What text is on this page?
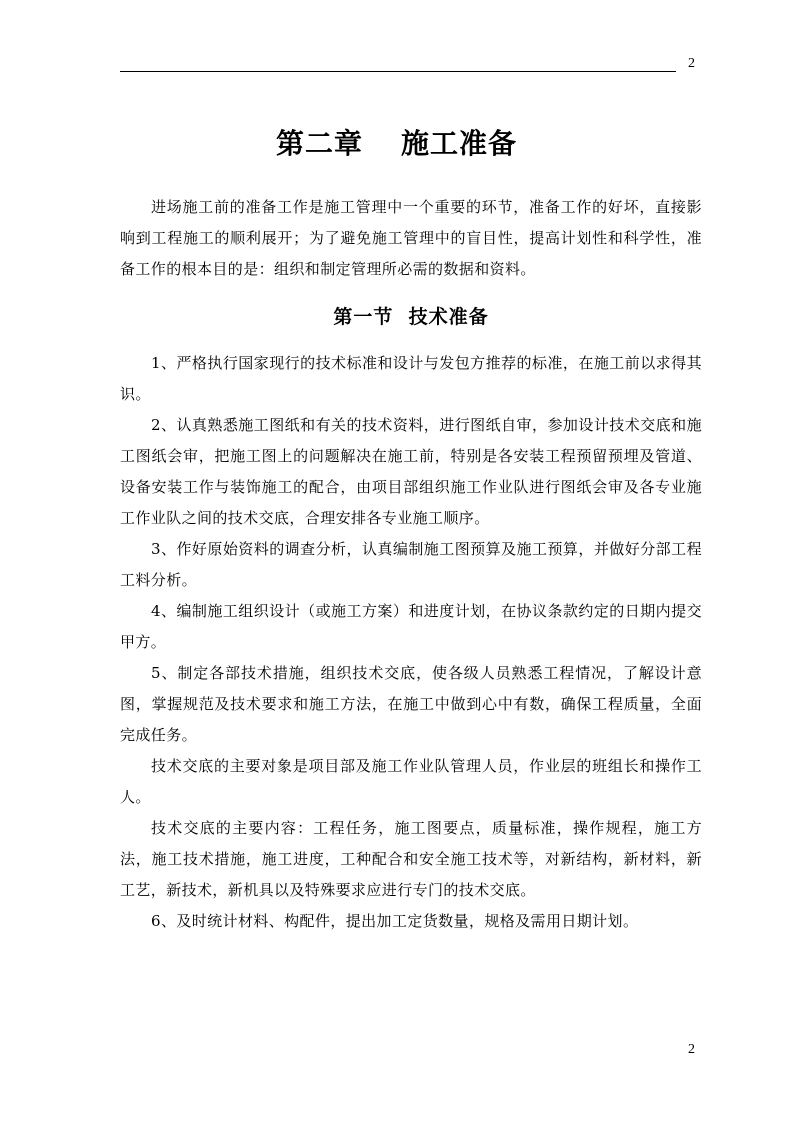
2
第二章 施工准备

进场施工前的准备工作是施工管理中一个重要的环节，准备工作的好坏，直接影响到工程施工的顺利展开；为了避免施工管理中的盲目性，提高计划性和科学性，准备工作的根本目的是：组织和制定管理所必需的数据和资料。

第一节  技术准备

1、严格执行国家现行的技术标准和设计与发包方推荐的标准，在施工前以求得其识。

2、认真熟悉施工图纸和有关的技术资料，进行图纸自审，参加设计技术交底和施工图纸会审，把施工图上的问题解决在施工前，特别是各安装工程预留预埋及管道、设备安装工作与装饰施工的配合，由项目部组织施工作业队进行图纸会审及各专业施工作业队之间的技术交底，合理安排各专业施工顺序。

3、作好原始资料的调查分析，认真编制施工图预算及施工预算，并做好分部工程工料分析。

4、编制施工组织设计（或施工方案）和进度计划，在协议条款约定的日期内提交甲方。

5、制定各部技术措施，组织技术交底，使各级人员熟悉工程情况，了解设计意图，掌握规范及技术要求和施工方法，在施工中做到心中有数，确保工程质量，全面完成任务。

技术交底的主要对象是项目部及施工作业队管理人员，作业层的班组长和操作工人。

技术交底的主要内容：工程任务，施工图要点，质量标准，操作规程，施工方法，施工技术措施，施工进度，工种配合和安全施工技术等，对新结构，新材料，新工艺，新技术，新机具以及特殊要求应进行专门的技术交底。

6、及时统计材料、构配件，提出加工定货数量，规格及需用日期计划。

2
